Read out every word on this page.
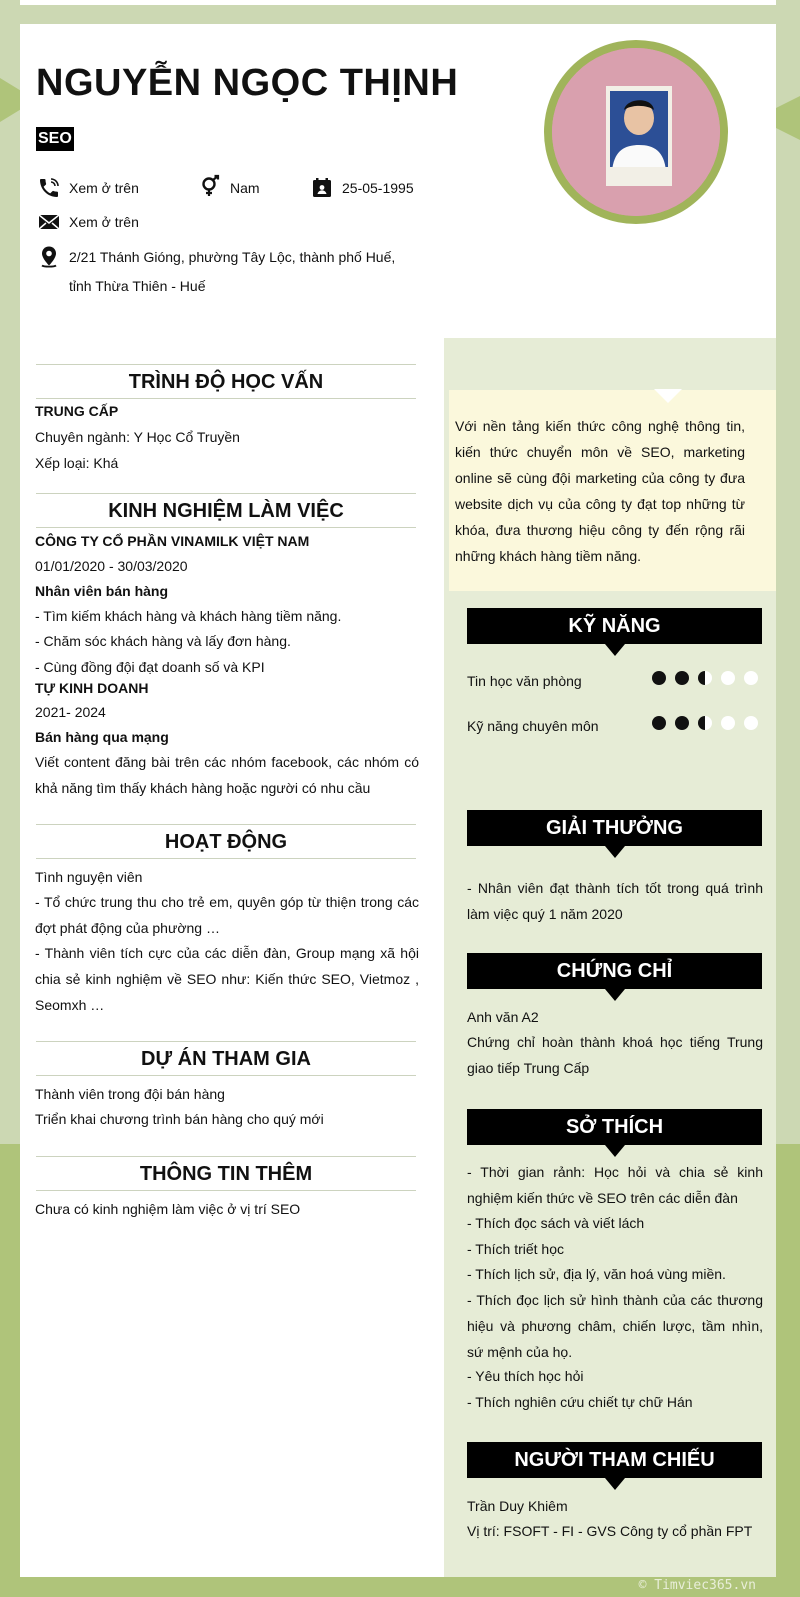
NGUYỄN NGỌC THỊNH
SEO
Xem ở trên	Nam	25-05-1995
Xem ở trên
2/21 Thánh Gióng, phường Tây Lộc, thành phố Huế,
tỉnh Thừa Thiên - Huế
TRÌNH ĐỘ HỌC VẤN

TRUNG CẤP

Chuyên ngành: Y Học Cổ Truyền

Xếp loại: Khá

KINH NGHIỆM LÀM VIỆC

CÔNG TY CỔ PHẦN VINAMILK VIỆT NAM

01/01/2020 - 30/03/2020

Nhân viên bán hàng

- Tìm kiếm khách hàng và khách hàng tiềm năng.

- Chăm sóc khách hàng và lấy đơn hàng.

- Cùng đồng đội đạt doanh số và KPI

TỰ KINH DOANH

2021- 2024

Bán hàng qua mạng

Viết content đăng bài trên các nhóm facebook, các nhóm có khả năng tìm thấy khách hàng hoặc người có nhu cầu

HOẠT ĐỘNG

Tình nguyện viên

- Tổ chức trung thu cho trẻ em, quyên góp từ thiện trong các đợt phát động của phường …

- Thành viên tích cực của các diễn đàn, Group mạng xã hội chia sẻ kinh nghiệm về SEO như: Kiến thức SEO, Vietmoz , Seomxh …

DỰ ÁN THAM GIA

Thành viên trong đội bán hàng

Triển khai chương trình bán hàng cho quý mới

THÔNG TIN THÊM

Chưa có kinh nghiệm làm việc ở vị trí SEO

Với nền tảng kiến thức công nghệ thông tin, kiến thức chuyển môn về SEO, marketing online sẽ cùng đội marketing của công ty đưa website dịch vụ của công ty đạt top những từ khóa, đưa thương hiệu công ty đến rộng rãi những khách hàng tiềm năng.

KỸ NĂNG

Tin học văn phòng

Kỹ năng chuyên môn

GIẢI THƯỞNG

- Nhân viên đạt thành tích tốt trong quá trình làm việc quý 1 năm 2020

CHỨNG CHỈ

Anh văn A2

Chứng chỉ hoàn thành khoá học tiếng Trung giao tiếp Trung Cấp

SỞ THÍCH

- Thời gian rảnh: Học hỏi và chia sẻ kinh nghiệm kiến thức về SEO trên các diễn đàn

- Thích đọc sách và viết lách

- Thích triết học

- Thích lịch sử, địa lý, văn hoá vùng miền.

- Thích đọc lịch sử hình thành của các thương hiệu và phương châm, chiến lược, tầm nhìn, sứ mệnh của họ.

- Yêu thích học hỏi

- Thích nghiên cứu chiết tự chữ Hán

NGƯỜI THAM CHIẾU

Trần Duy Khiêm

Vị trí: FSOFT - FI - GVS Công ty cổ phần FPT

© Timviec365.vn
